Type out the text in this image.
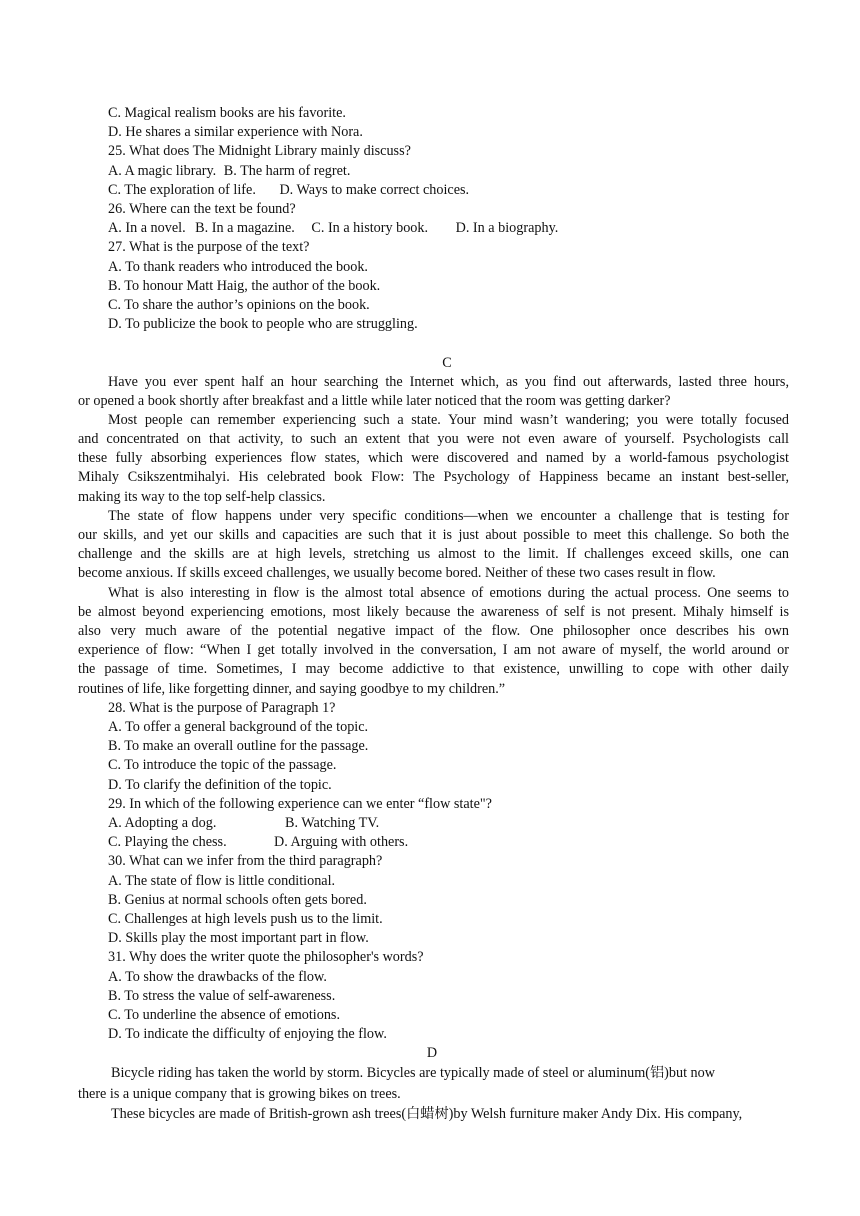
C. Magical realism books are his favorite.
D. He shares a similar experience with Nora.
25. What does The Midnight Library mainly discuss?
A. A magic library. B. The harm of regret.
C. The exploration of life. D. Ways to make correct choices.
26. Where can the text be found?
A. In a novel. B. In a magazine. C. In a history book. D. In a biography.
27. What is the purpose of the text?
A. To thank readers who introduced the book.
B. To honour Matt Haig, the author of the book.
C. To share the author’s opinions on the book.
D. To publicize the book to people who are struggling.
C
Have you ever spent half an hour searching the Internet which, as you find out afterwards, lasted three hours,
or opened a book shortly after breakfast and a little while later noticed that the room was getting darker?
Most people can remember experiencing such a state. Your mind wasn’t wandering; you were totally focused
and concentrated on that activity, to such an extent that you were not even aware of yourself. Psychologists call
these fully absorbing experiences flow states, which were discovered and named by a world-famous psychologist
Mihaly Csikszentmihalyi. His celebrated book Flow: The Psychology of Happiness became an instant best-seller,
making its way to the top self-help classics.
The state of flow happens under very specific conditions—when we encounter a challenge that is testing for
our skills, and yet our skills and capacities are such that it is just about possible to meet this challenge. So both the
challenge and the skills are at high levels, stretching us almost to the limit. If challenges exceed skills, one can
become anxious. If skills exceed challenges, we usually become bored. Neither of these two cases result in flow.
What is also interesting in flow is the almost total absence of emotions during the actual process. One seems to
be almost beyond experiencing emotions, most likely because the awareness of self is not present. Mihaly himself is
also very much aware of the potential negative impact of the flow. One philosopher once describes his own
experience of flow: “When I get totally involved in the conversation, I am not aware of myself, the world around or
the passage of time. Sometimes, I may become addictive to that existence, unwilling to cope with other daily
routines of life, like forgetting dinner, and saying goodbye to my children.”
28. What is the purpose of Paragraph 1?
A. To offer a general background of the topic.
B. To make an overall outline for the passage.
C. To introduce the topic of the passage.
D. To clarify the definition of the topic.
29. In which of the following experience can we enter “flow state"?
A. Adopting a dog.	B. Watching TV.
C. Playing the chess.	D. Arguing with others.
30. What can we infer from the third paragraph?
A. The state of flow is little conditional.
B. Genius at normal schools often gets bored.
C. Challenges at high levels push us to the limit.
D. Skills play the most important part in flow.
31. Why does the writer quote the philosopher's words?
A. To show the drawbacks of the flow.
B. To stress the value of self-awareness.
C. To underline the absence of emotions.
D. To indicate the difficulty of enjoying the flow.
D
Bicycle riding has taken the world by storm. Bicycles are typically made of steel or aluminum(铝)but now
there is a unique company that is growing bikes on trees.
These bicycles are made of British-grown ash trees(白蜡树)by Welsh furniture maker Andy Dix. His company,
